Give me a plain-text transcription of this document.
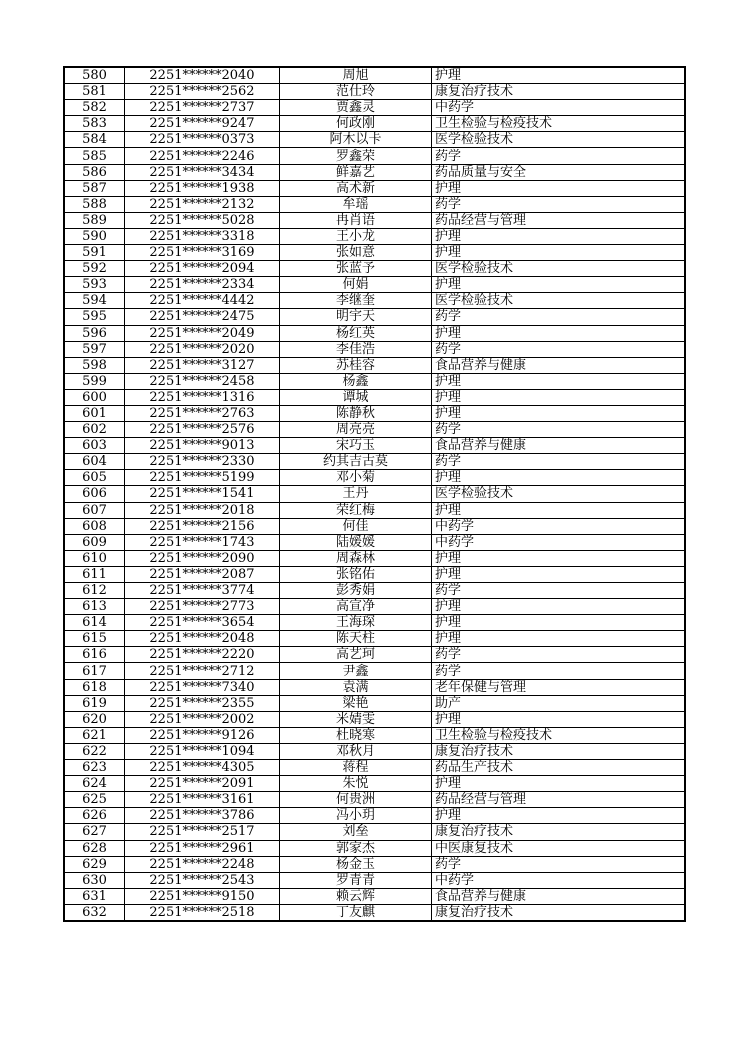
580	2251******2040	周旭	护理
581	2251******2562	范仕玲	康复治疗技术
582	2251******2737	贾鑫灵	中药学
583	2251******9247	何政刚	卫生检验与检疫技术
584	2251******0373	阿木以卡	医学检验技术
585	2251******2246	罗鑫荣	药学
586	2251******3434	鲜嘉艺	药品质量与安全
587	2251******1938	高术新	护理
588	2251******2132	牟瑶	药学
589	2251******5028	冉肖语	药品经营与管理
590	2251******3318	王小龙	护理
591	2251******3169	张如意	护理
592	2251******2094	张蓝予	医学检验技术
593	2251******2334	何娟	护理
594	2251******4442	李继奎	医学检验技术
595	2251******2475	明宇天	药学
596	2251******2049	杨红英	护理
597	2251******2020	李佳浩	药学
598	2251******3127	苏桂容	食品营养与健康
599	2251******2458	杨鑫	护理
600	2251******1316	谭城	护理
601	2251******2763	陈静秋	护理
602	2251******2576	周亮亮	药学
603	2251******9013	宋巧玉	食品营养与健康
604	2251******2330	约其吉古莫	药学
605	2251******5199	邓小菊	护理
606	2251******1541	王丹	医学检验技术
607	2251******2018	荣红梅	护理
608	2251******2156	何佳	中药学
609	2251******1743	陆媛媛	中药学
610	2251******2090	周森林	护理
611	2251******2087	张铭佑	护理
612	2251******3774	彭秀娟	药学
613	2251******2773	高宣净	护理
614	2251******3654	王海琛	护理
615	2251******2048	陈天柱	护理
616	2251******2220	高艺珂	药学
617	2251******2712	尹鑫	药学
618	2251******7340	袁满	老年保健与管理
619	2251******2355	梁艳	助产
620	2251******2002	米婧雯	护理
621	2251******9126	杜晓寒	卫生检验与检疫技术
622	2251******1094	邓秋月	康复治疗技术
623	2251******4305	蒋程	药品生产技术
624	2251******2091	朱悦	护理
625	2251******3161	何贵洲	药品经营与管理
626	2251******3786	冯小玥	护理
627	2251******2517	刘垒	康复治疗技术
628	2251******2961	郭家杰	中医康复技术
629	2251******2248	杨金玉	药学
630	2251******2543	罗青青	中药学
631	2251******9150	赖云辉	食品营养与健康
632	2251******2518	丁友麒	康复治疗技术
